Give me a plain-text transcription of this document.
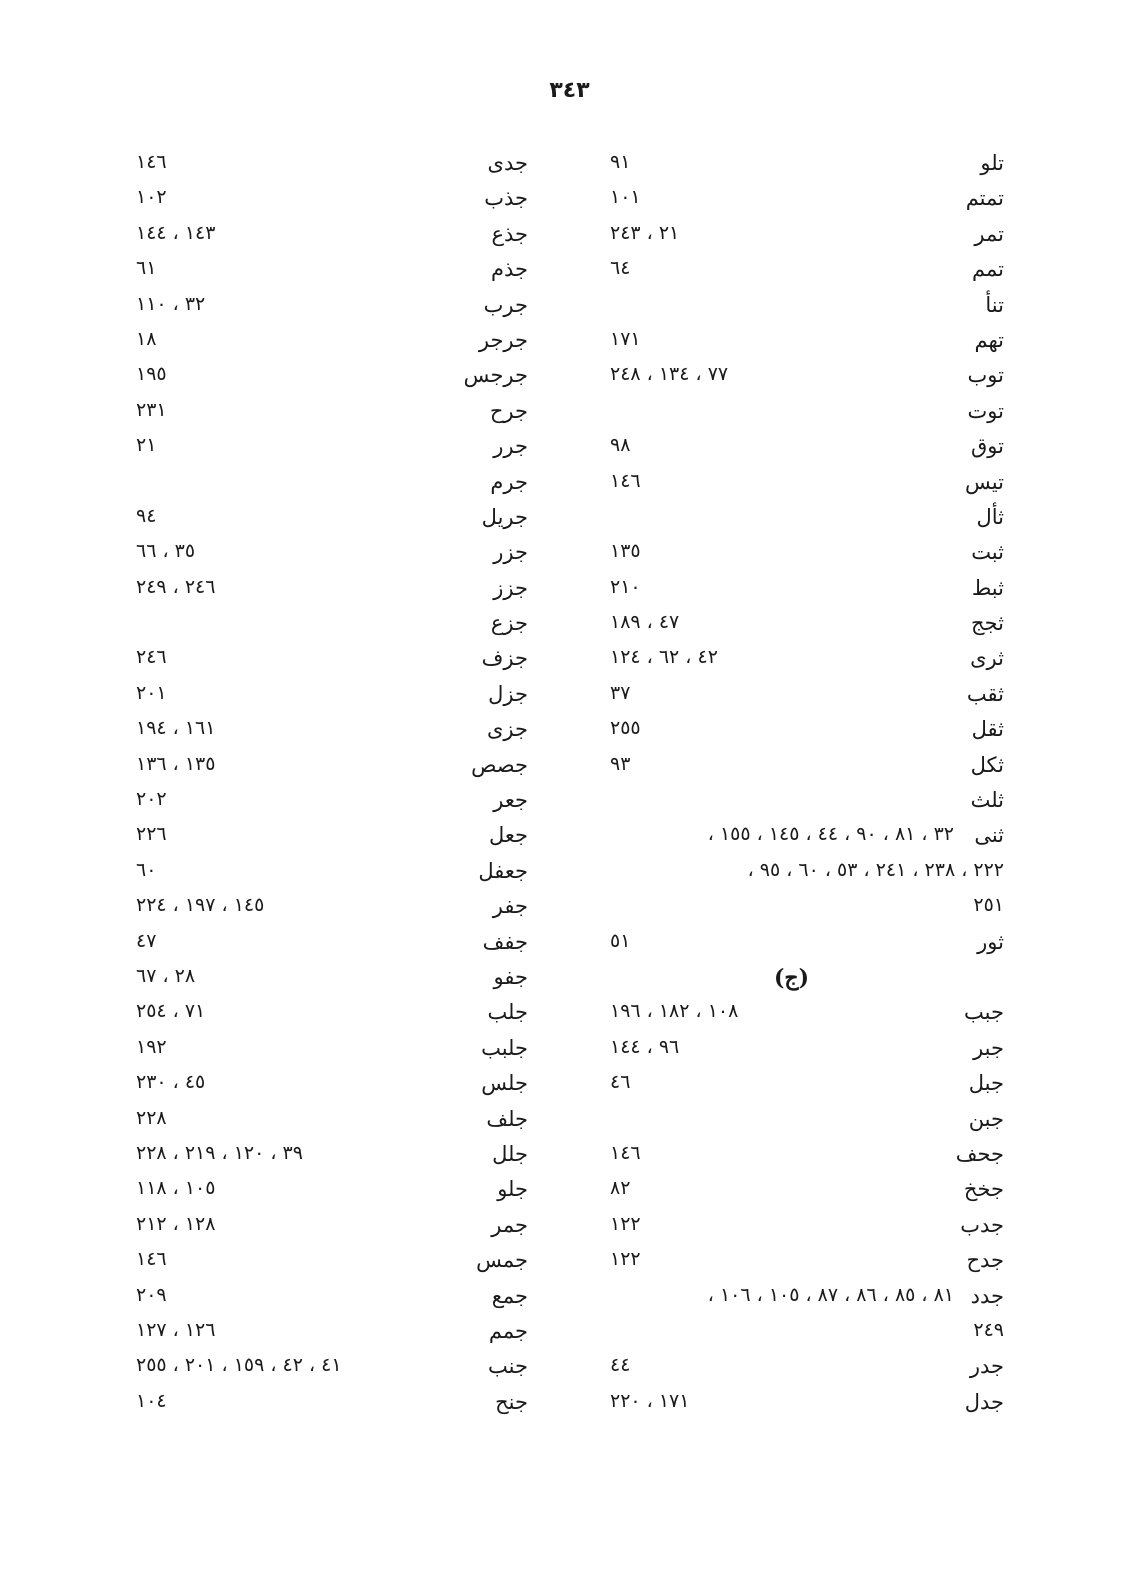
٣٤٣
تلو
٩١
تمتم
١٠١
تمر
٢١ ، ٢٤٣
تمم
٦٤
تنأ
تهم
١٧١
توب
٧٧ ، ١٣٤ ، ٢٤٨
توت
توق
٩٨
تيس
١٤٦
ثأل
ثبت
١٣٥
ثبط
٢١٠
ثجج
٤٧ ، ١٨٩
ثرى
٤٢ ، ٦٢ ، ١٢٤
ثقب
٣٧
ثقل
٢٥٥
ثكل
٩٣
ثلث
ثنى
٣٢ ، ٨١ ، ٩٠ ، ٤٤ ، ١٤٥ ، ١٥٥ ،
٢٢٢ ، ٢٣٨ ، ٢٤١ ، ٥٣ ، ٦٠ ، ٩٥ ،
٢٥١
ثور
٥١
(ج)
جبب
١٠٨ ، ١٨٢ ، ١٩٦
جبر
٩٦ ، ١٤٤
جبل
٤٦
جبن
جحف
١٤٦
جخخ
٨٢
جدب
١٢٢
جدح
١٢٢
جدد
٨١ ، ٨٥ ، ٨٦ ، ٨٧ ، ١٠٥ ، ١٠٦ ،
٢٤٩
جدر
٤٤
جدل
١٧١ ، ٢٢٠
جدى
١٤٦
جذب
١٠٢
جذع
١٤٣ ، ١٤٤
جذم
٦١
جرب
٣٢ ، ١١٠
جرجر
١٨
جرجس
١٩٥
جرح
٢٣١
جرر
٢١
جرم
جريل
٩٤
جزر
٣٥ ، ٦٦
جزز
٢٤٦ ، ٢٤٩
جزع
جزف
٢٤٦
جزل
٢٠١
جزى
١٦١ ، ١٩٤
جصص
١٣٥ ، ١٣٦
جعر
٢٠٢
جعل
٢٢٦
جعفل
٦٠
جفر
١٤٥ ، ١٩٧ ، ٢٢٤
جفف
٤٧
جفو
٢٨ ، ٦٧
جلب
٧١ ، ٢٥٤
جلبب
١٩٢
جلس
٤٥ ، ٢٣٠
جلف
٢٢٨
جلل
٣٩ ، ١٢٠ ، ٢١٩ ، ٢٢٨
جلو
١٠٥ ، ١١٨
جمر
١٢٨ ، ٢١٢
جمس
١٤٦
جمع
٢٠٩
جمم
١٢٦ ، ١٢٧
جنب
٤١ ، ٤٢ ، ١٥٩ ، ٢٠١ ، ٢٥٥
جنح
١٠٤
